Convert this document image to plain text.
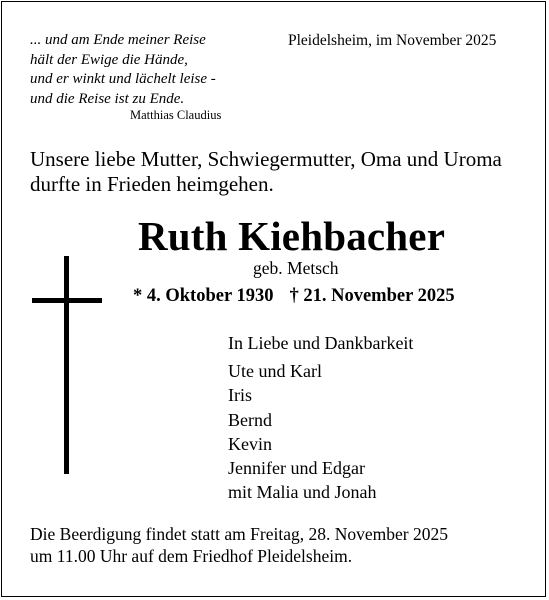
... und am Ende meiner Reise
hält der Ewige die Hände,
und er winkt und lächelt leise -
und die Reise ist zu Ende.
Matthias Claudius
Pleidelsheim, im November 2025
Unsere liebe Mutter, Schwiegermutter, Oma und Uroma
durfte in Frieden heimgehen.
Ruth Kiehbacher
geb. Metsch
* 4. Oktober 1930 † 21. November 2025
In Liebe und Dankbarkeit
Ute und Karl
Iris
Bernd
Kevin
Jennifer und Edgar
mit Malia und Jonah
Die Beerdigung findet statt am Freitag, 28. November 2025
um 11.00 Uhr auf dem Friedhof Pleidelsheim.
